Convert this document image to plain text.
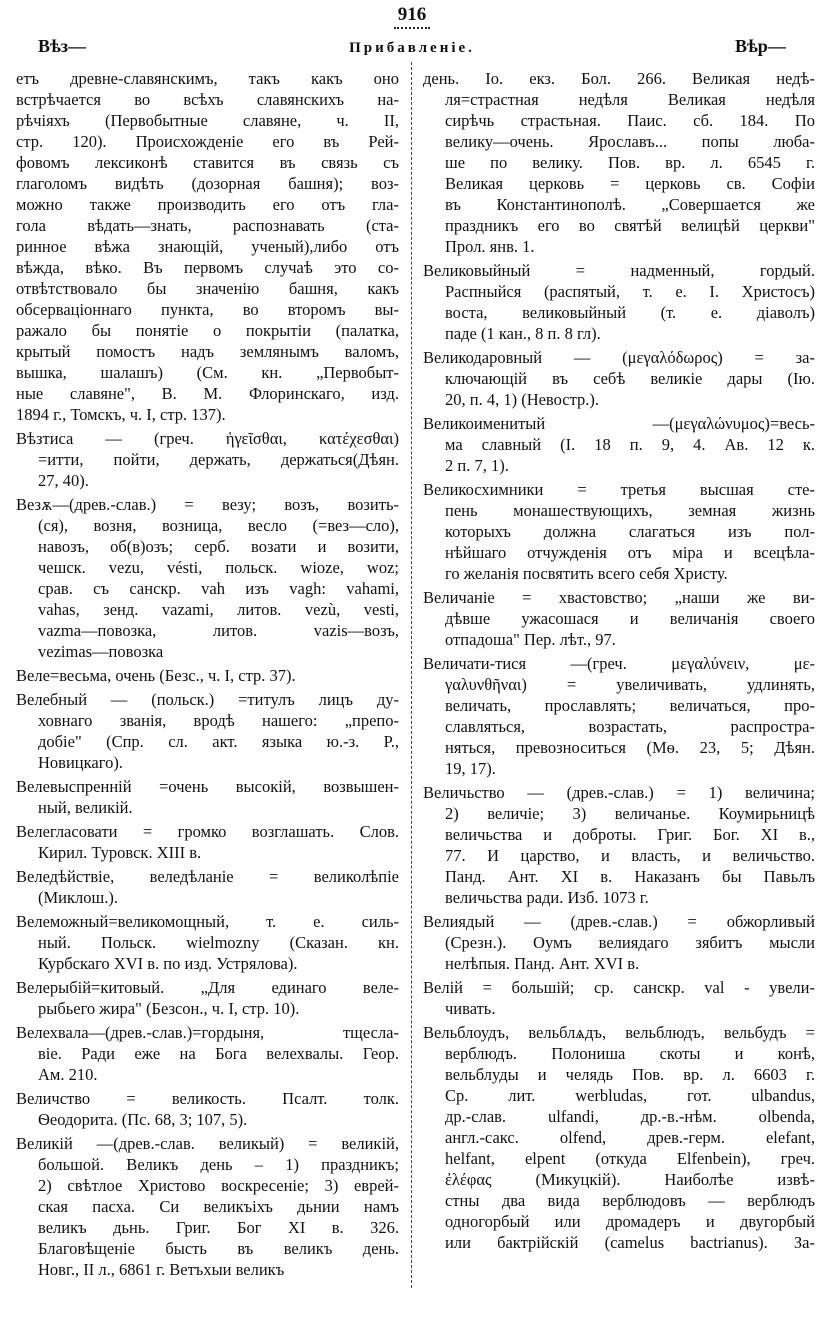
916
Вѣз—	Прибавленіе.	Вѣр—
етъ древне-славянскимъ, такъ какъ оно
встрѣчается во всѣхъ славянскихъ на-
рѣчіяхъ (Первобытные славяне, ч. II,
стр. 120). Происхожденіе его въ Рей-
фовомъ лексиконѣ ставится въ связь съ
глаголомъ видѣть (дозорная башня); воз-
можно также производить его отъ гла-
гола вѣдать—знать, распознавать (ста-
ринное вѣжа знающій, ученый),либо отъ
вѣжда, вѣко. Въ первомъ случаѣ это со-
отвѣтствовало бы значенію башня, какъ
обсерваціоннаго пункта, во второмъ вы-
ражало бы понятіе о покрытіи (палатка,
крытый помостъ надъ землянымъ валомъ,
вышка, шалашъ) (См. кн. „Первобыт-
ные славяне", В. М. Флоринскаго, изд.
1894 г., Томскъ, ч. I, стр. 137).
Вѣзтиса — (греч. ἡγεῖσθαι, κατέχεσθαι)
=итти, пойти, держать, держаться(Дѣян.
27, 40).
Везѫ—(древ.-слав.) = везу; возъ, возить-
(ся), возня, возница, весло (=вез—сло),
навозъ, об(в)озъ; серб. возати и возити,
чешск. vezu, vésti, польск. wioze, woz;
срав. съ санскр. vah изъ vagh: vahami,
vahas, зенд. vazami, литов. vezù, vesti,
vazma—повозка, литов. vazis—возъ,
vezimas—повозка
Веле=весьма, очень (Безс., ч. I, стр. 37).
Велебный — (польск.) =титулъ лицъ ду-
ховнаго званія, вродѣ нашего: „препо-
добіе" (Спр. сл. акт. языка ю.-з. Р.,
Новицкаго).
Велевыспренній =очень высокій, возвышен-
ный, великій.
Велегласовати = громко возглашать. Слов.
Кирил. Туровск. XIII в.
Веледѣйствіе, веледѣланіе = великолѣпіе
(Миклош.).
Велеможный=великомощный, т. е. силь-
ный. Польск. wielmozny (Сказан. кн.
Курбскаго XVI в. по изд. Устрялова).
Велерыбій=китовый. „Для единаго веле-
рыбьего жира" (Безсон., ч. I, стр. 10).
Велехвала—(древ.-слав.)=гордыня, тщесла-
віе. Ради еже на Бога велехвалы. Геор.
Ам. 210.
Величство = великость. Псалт. толк.
Ѳеодорита. (Пс. 68, 3; 107, 5).
Великій —(древ.-слав. великый) = великій,
большой. Великъ день – 1) праздникъ;
2) свѣтлое Христово воскресеніе; 3) еврей-
ская пасха. Си великъіхъ дьнии намъ
великъ дьнь. Григ. Бог XI в. 326.
Благовѣщеніе бысть въ великъ день.
Новг., II л., 6861 г. Ветъхыи великъ
день. Іо. екз. Бол. 266. Великая недѣ-
ля=страстная недѣля Великая недѣля
сирѣчь страстьная. Паис. сб. 184. По
велику—очень. Ярославъ... попы люба-
ше по велику. Пов. вр. л. 6545 г.
Великая церковь = церковь св. Софіи
въ Константинополѣ. „Совершается же
праздникъ его во святѣй велицѣй церкви"
Прол. янв. 1.
Великовыйный = надменный, гордый.
Распныйся (распятый, т. е. I. Христосъ)
воста, великовыйный (т. е. діаволъ)
паде (1 кан., 8 п. 8 гл).
Великодаровный — (μεγαλόδωρος) = за-
ключающій въ себѣ великіе дары (Ію.
20, п. 4, 1) (Невостр.).
Великоименитый —(μεγαλώνυμος)=весь-
ма славный (I. 18 п. 9, 4. Ав. 12 к.
2 п. 7, 1).
Великосхимники = третья высшая сте-
пень монашествующихъ, земная жизнь
которыхъ должна слагаться изъ пол-
нѣйшаго отчужденія отъ міра и всецѣла-
го желанія посвятить всего себя Христу.
Величаніе = хвастовство; „наши же ви-
дѣвше ужасошася и величанія своего
отпадоша" Пер. лѣт., 97.
Величати-тися —(греч. μεγαλύνειν, με-
γαλυνθῆναι) = увеличивать, удлинять,
величать, прославлять; величаться, про-
славляться, возрастать, распростра-
няться, превозноситься (Мѳ. 23, 5; Дѣян.
19, 17).
Величьство — (древ.-слав.) = 1) величина;
2) величіе; 3) величанье. Коумирьницѣ
величьства и доброты. Григ. Бог. XI в.,
77. И царство, и власть, и величьство.
Панд. Ант. XI в. Наказанъ бы Павьлъ
величьства ради. Изб. 1073 г.
Велиядый — (древ.-слав.) = обжорливый
(Срезн.). Оумъ велиядаго зябитъ мысли
нелѣпыя. Панд. Ант. XVI в.
Велій = большій; ср. санскр. val - увели-
чивать.
Вельблоудъ, вельблѧдъ, вельблюдъ, вельбудъ =
верблюдъ. Полониша скоты и конѣ,
вельблуды и челядь Пов. вр. л. 6603 г.
Ср. лит. werbludas, гот. ulbandus,
др.-слав. ulfandi, др.-в.-нѣм. olbenda,
англ.-сакс. olfend, древ.-герм. elefant,
helfant, elpent (откуда Elfenbein), греч.
ἐλέφας (Микуцкій). Наиболѣе извѣ-
стны два вида верблюдовъ — верблюдъ
одногорбый или дромадеръ и двугорбый
или бактрійскій (camelus bactrianus). За-
